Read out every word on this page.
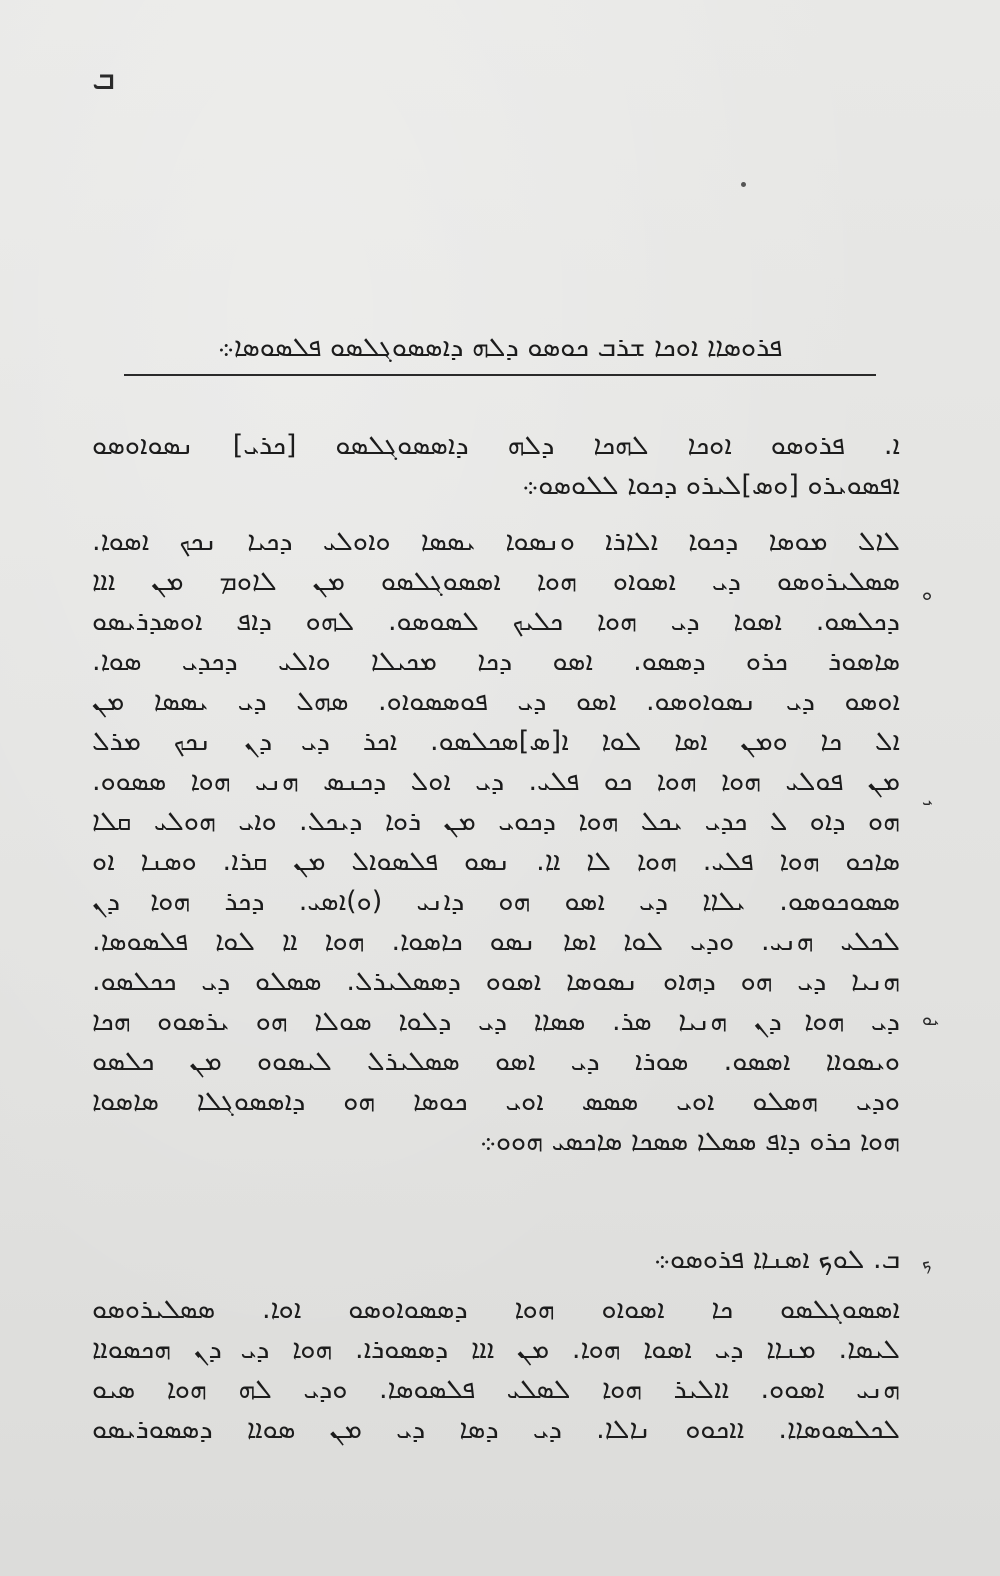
ܒ
ܦܪܘܣܐܐ ܐܘܟܐ ܫܪܒ ܟܘܣܘ ܕܠܗ ܕܐܣܣܘܓܠܣܘ ܦܠܣܘܣܐ܀
ܐ. ܦܪܘܣܘ ܐܘܟܐ ܠܗܟܐ ܕܠܗ ܕܐܣܣܘܓܠܣܘ [ܟܪܝ] ܢܣܘܐܘܣܘ
ܐܦܣܘܝܪܘ [ܘܣ]ܠܝܪܘ ܕܟܘܐ ܠܠܘܣܘ܀
ܠܐܠ ܡܘܣܐ ܕܟܘܐ ܐܠܐܪܐ ܘܢܣܘܐ ܝܣܣܐ ܘܐܘܠܝ ܕܟܝܐ ܢܟܟ ܐܣܘܐ.
ܣܣܠܝܪܘܣܘ ܕܝ ܐܣܘܐܘ ܗܘܐ ܐܣܣܘܓܠܣܘ ܡܢ ܠܐܘܡ ܡܢ ܐܐܐ
ܕܟܠܣܘ. ܐܣܘܐ ܕܝ ܗܘܐ ܟܠܝܟ ܠܣܘܣܘ. ܠܗܘ ܕܐܦ ܐܘܣܕܪܝܣܘ
ܣܐܣܘܪ ܟܪܘ ܕܣܣܘ. ܐܣܘ ܕܟܐ ܡܟܝܠܐ ܘܐܠܝ ܕܟܕܝ ܣܘܐ.
ܐܘܣܘ ܕܝ ܢܣܘܐܘܣܘ. ܐܣܘ ܕܝ ܦܘܣܣܘܐܘ. ܣܗܠ ܕܝ ܝܣܣܐ ܡܢ
ܐܠ ܟܐ ܘܡܢ ܐܣܐ ܠܘܐ ܐ[ܣ]ܣܟܠܣܘ. ܐܟܪ ܕܝ ܕܢ ܢܟܟ ܡܪܠ
ܡܢ ܦܘܠܝ ܗܘܐ ܗܘܐ ܟܘ ܦܠܝ. ܕܝ ܐܘܠ ܕܟܢܣ ܗܢܝ ܗܘܐ ܣܣܘܘ.
ܗܘ ܕܐܘ ܠ ܟܕܝ ܝܟܠ ܗܘܐ ܕܟܘܝ ܡܢ ܪܘܐ ܕܝܟܠ. ܘܐܝ ܗܘܠܝ ܩܠܐ
ܣܐܟܘ ܗܘܐ ܦܠܝ. ܗܘܐ ܠܐ ܐܐ. ܢܣܘ ܦܠܣܘܐܠ ܡܢ ܩܪܐ. ܘܣܢܐ ܐܘ
ܣܣܘܟܘܣܘ. ܝܠܐܐ ܕܝ ܐܣܘ ܗܘ ܕܐܢܝ (ܘ)ܐܣܝ. ܕܟܪ ܗܘܐ ܕܢ
ܠܟܠܝ ܗܢܝ. ܘܕܝ ܠܘܐ ܐܣܐ ܢܣܘ ܟܐܣܘܐ. ܗܘܐ ܐܐ ܠܘܐ ܦܠܣܘܣܐ.
ܗܢܝܐ ܕܝ ܗܘ ܕܗܐܘ ܢܣܘܣܐ ܐܣܘܘ ܕܣܣܠܝܪܠ. ܣܣܠܘ ܕܝ ܟܟܠܣܘ.
ܕܝ ܗܘܐ ܕܢ ܗܢܝܐ ܣܪ. ܣܣܐܐ ܕܝ ܕܠܘܐ ܣܘܠܐ ܗܘ ܝܪܣܘܘ ܗܟܐ
ܘܝܣܘܐܐ ܐܣܣܘ. ܣܘܪܐ ܕܝ ܐܣܘ ܣܣܠܝܪܠ ܠܝܣܘܘ ܡܢ ܟܠܣܘ
ܘܕܝ ܗܣܠܘ ܐܘܝ ܣܣܣ ܐܘܝ ܟܘܣܐ ܗܘ ܕܐܣܣܘܓܠܐ ܣܐܣܘܐ
ܗܘܐ ܟܪܘ ܕܐܦ ܣܣܠܐ ܣܣܟܐ ܣܐܟܣܝ ܗܘܘ܀
ܘ
ܝ
ܝܘ
ܟ
ܒ. ܠܘܟ ܐܣܢܐܐ ܦܪܘܣܘ܀
ܐܣܣܘܓܠܣܘ ܟܐ ܐܣܘܐܘ ܗܘܐ ܕܣܣܘܐܘܣܘ ܐܘܐ. ܣܣܠܝܪܘܣܘ
ܠܝܣܐ. ܡܢܐܐ ܕܝ ܐܣܘܐ ܗܘܐ. ܡܢ ܐܐܐ ܕܣܣܘܪܐ. ܗܘܐ ܕܝ ܕܢ ܗܟܣܘܐܐ
ܗܢܝ ܐܣܘܘ. ܐܐܠܝܪ ܗܘܐ ܠܣܠܝ ܦܠܣܘܣܐ. ܘܕܝ ܠܗ ܗܘܐ ܣܝܘ
ܠܟܠܣܘܣܐܐ. ܐܐܟܘܘ ܢܐܠܐ. ܕܝ ܕܣܐ ܕܝ ܡܢ ܣܘܐܐ ܕܣܣܘܪܝܣܘ
